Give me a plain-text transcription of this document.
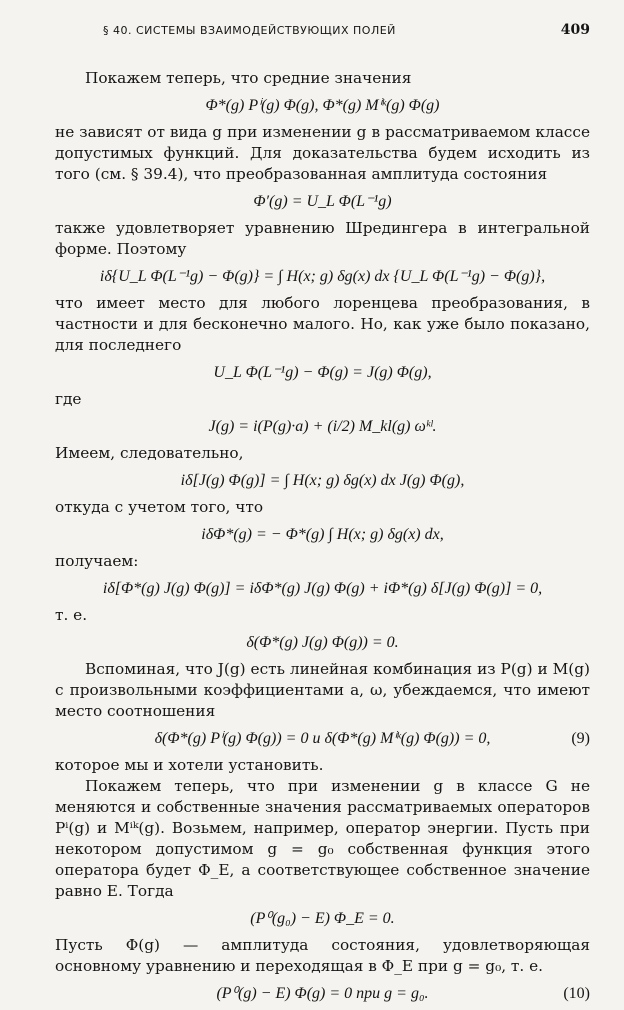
§ 40. СИСТЕМЫ ВЗАИМОДЕЙСТВУЮЩИХ ПОЛЕЙ	409

Покажем теперь, что средние значения

Φ*(g) Pⁱ(g) Φ(g), Φ*(g) Mⁱᵏ(g) Φ(g)

не зависят от вида g при изменении g в рассматриваемом классе допустимых функций. Для доказательства будем исходить из того (см. § 39.4), что преобразованная амплитуда состояния

Φ′(g) = U_L Φ(L⁻¹g)

также удовлетворяет уравнению Шредингера в интегральной форме. Поэтому

iδ{U_L Φ(L⁻¹g) − Φ(g)} = ∫ H(x; g) δg(x) dx {U_L Φ(L⁻¹g) − Φ(g)},

что имеет место для любого лоренцева преобразования, в частности и для бесконечно малого. Но, как уже было показано, для последнего

U_L Φ(L⁻¹g) − Φ(g) = J(g) Φ(g),

где

J(g) = i(P(g)·a) + (i/2) M_kl(g) ωᵏˡ.

Имеем, следовательно,

iδ[J(g) Φ(g)] = ∫ H(x; g) δg(x) dx J(g) Φ(g),

откуда с учетом того, что

iδΦ*(g) = − Φ*(g) ∫ H(x; g) δg(x) dx,

получаем:

iδ[Φ*(g) J(g) Φ(g)] = iδΦ*(g) J(g) Φ(g) + iΦ*(g) δ[J(g) Φ(g)] = 0,

т. е.

δ(Φ*(g) J(g) Φ(g)) = 0.

Вспоминая, что J(g) есть линейная комбинация из P(g) и M(g) с произвольными коэффициентами a, ω, убеждаемся, что имеют место соотношения

δ(Φ*(g) Pⁱ(g) Φ(g)) = 0 и δ(Φ*(g) Mⁱᵏ(g) Φ(g)) = 0,	(9)

которое мы и хотели установить.

Покажем теперь, что при изменении g в классе G не меняются и собственные значения рассматриваемых операторов Pⁱ(g) и Mⁱᵏ(g). Возьмем, например, оператор энергии. Пусть при некотором допустимом g = g₀ собственная функция этого оператора будет Φ_E, а соответствующее собственное значение равно E. Тогда

(P⁰(g₀) − E) Φ_E = 0.

Пусть Φ(g) — амплитуда состояния, удовлетворяющая основному уравнению и переходящая в Φ_E при g = g₀, т. е.

(P⁰(g) − E) Φ(g) = 0 при g = g₀.	(10)
